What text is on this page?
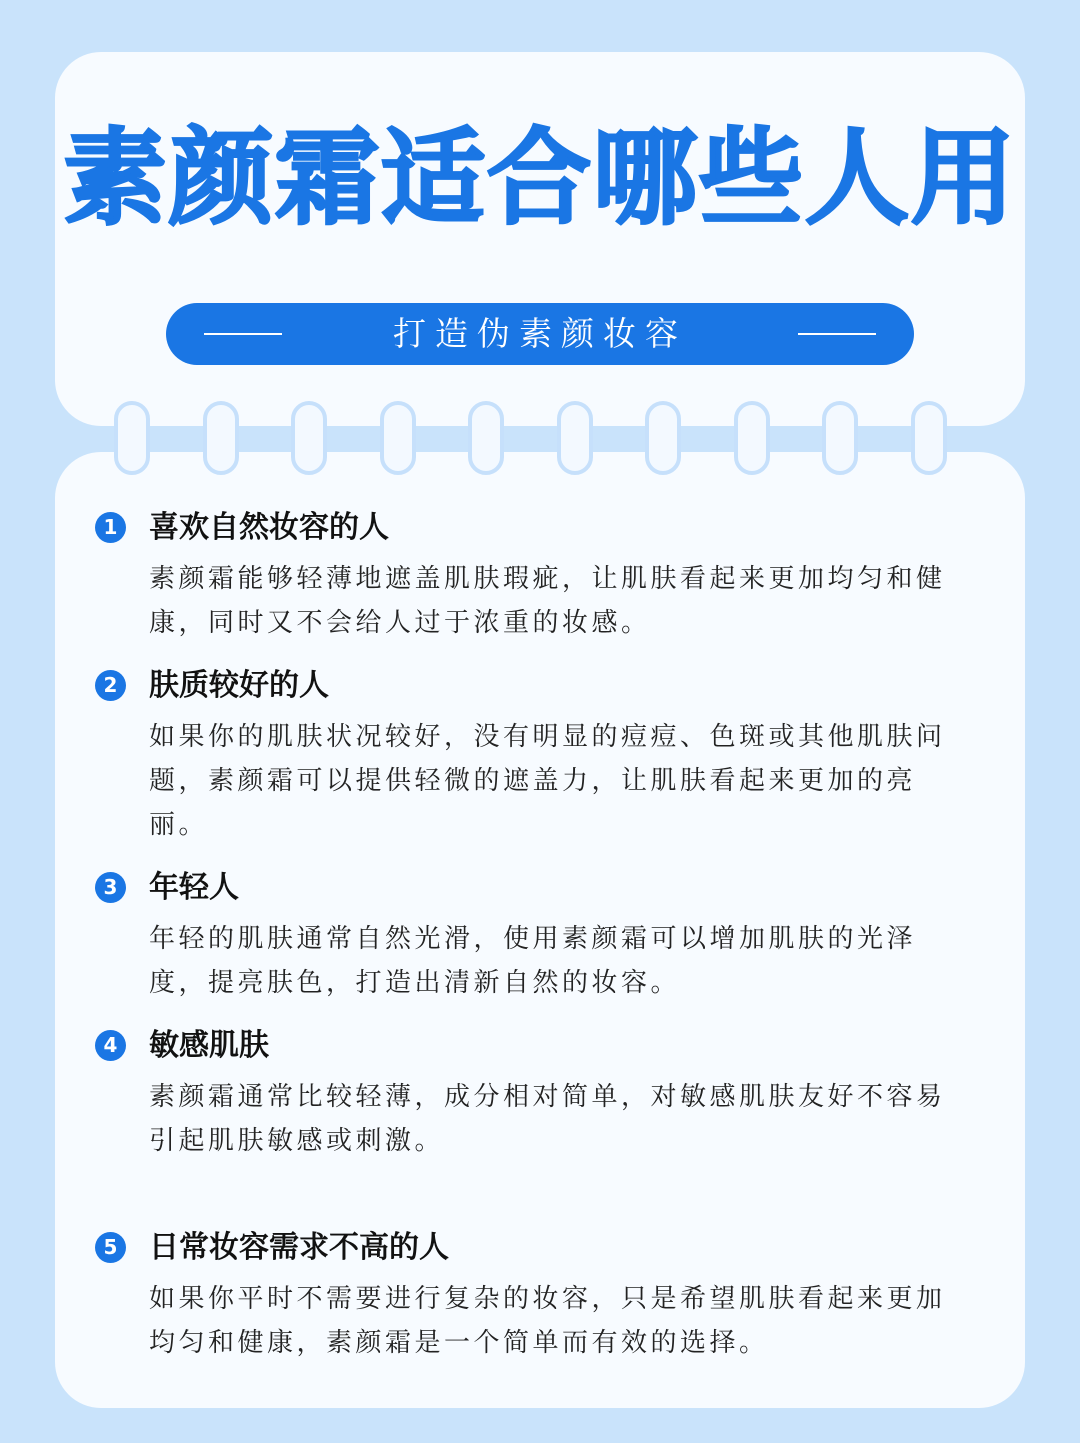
素颜霜适合哪些人用
打造伪素颜妆容
1 喜欢自然妆容的人
素颜霜能够轻薄地遮盖肌肤瑕疵，让肌肤看起来更加均匀和健康，同时又不会给人过于浓重的妆感。
2 肤质较好的人
如果你的肌肤状况较好，没有明显的痘痘、色斑或其他肌肤问题，素颜霜可以提供轻微的遮盖力，让肌肤看起来更加的亮丽。
3 年轻人
年轻的肌肤通常自然光滑，使用素颜霜可以增加肌肤的光泽度，提亮肤色，打造出清新自然的妆容。
4 敏感肌肤
素颜霜通常比较轻薄，成分相对简单，对敏感肌肤友好不容易引起肌肤敏感或刺激。
5 日常妆容需求不高的人
如果你平时不需要进行复杂的妆容，只是希望肌肤看起来更加均匀和健康，素颜霜是一个简单而有效的选择。
